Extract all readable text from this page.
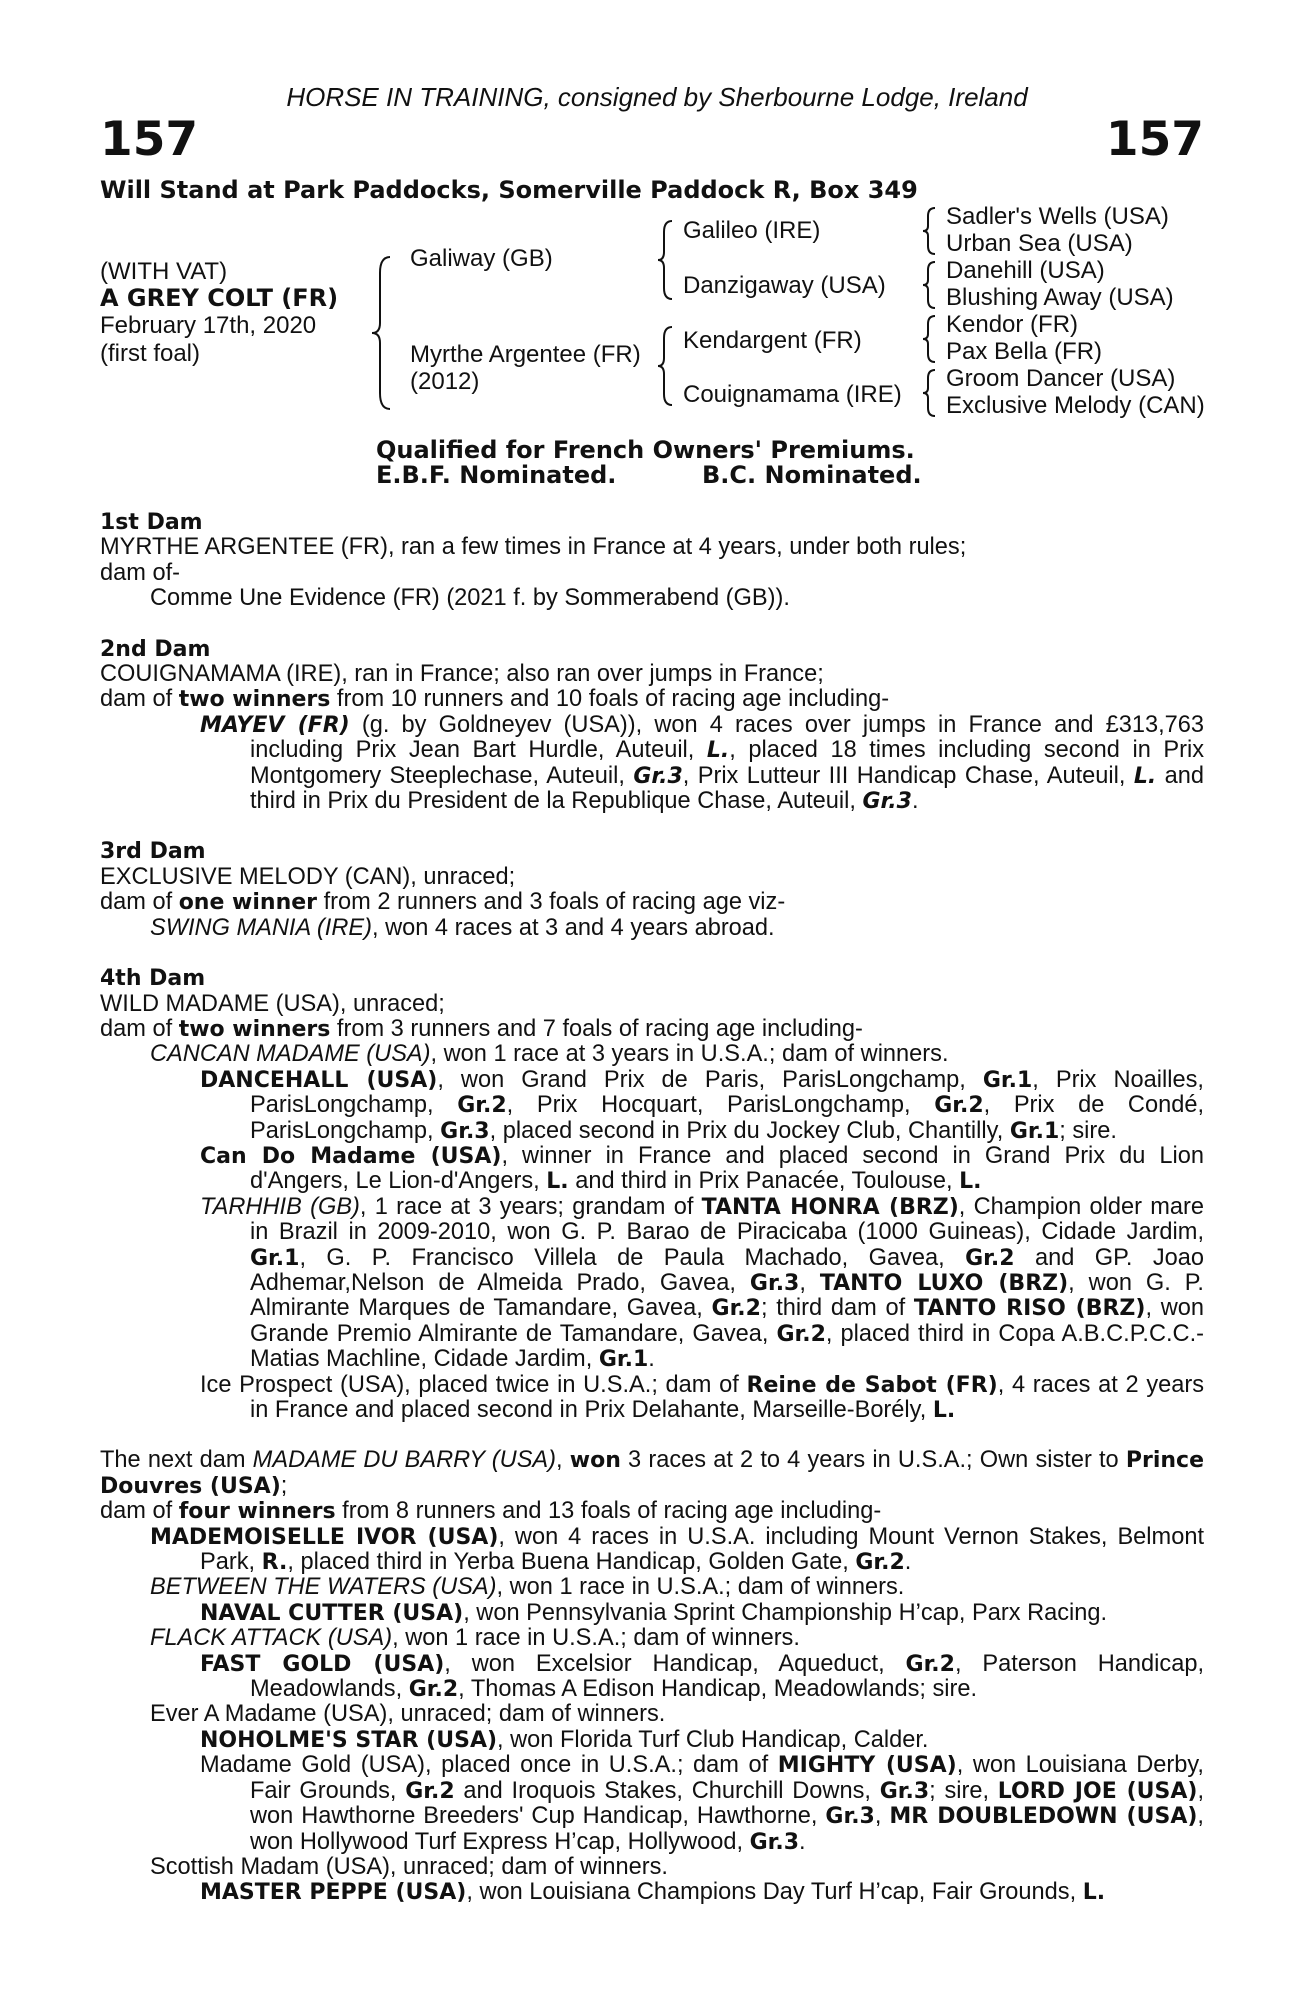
HORSE IN TRAINING, consigned by Sherbourne Lodge, Ireland
157	157
Will Stand at Park Paddocks, Somerville Paddock R, Box 349
(WITH VAT)
A GREY COLT (FR)
February 17th, 2020
(first foal)
Galiway (GB)
Myrthe Argentee (FR)
(2012)
Galileo (IRE)
Danzigaway (USA)
Kendargent (FR)
Couignamama (IRE)
Sadler's Wells (USA)
Urban Sea (USA)
Danehill (USA)
Blushing Away (USA)
Kendor (FR)
Pax Bella (FR)
Groom Dancer (USA)
Exclusive Melody (CAN)
Qualified for French Owners' Premiums.
E.B.F. Nominated.	B.C. Nominated.
1st Dam
MYRTHE ARGENTEE (FR), ran a few times in France at 4 years, under both rules;
dam of-
Comme Une Evidence (FR) (2021 f. by Sommerabend (GB)).
2nd Dam
COUIGNAMAMA (IRE), ran in France; also ran over jumps in France;
dam of two winners from 10 runners and 10 foals of racing age including-
MAYEV (FR) (g. by Goldneyev (USA)), won 4 races over jumps in France and £313,763 including Prix Jean Bart Hurdle, Auteuil, L., placed 18 times including second in Prix Montgomery Steeplechase, Auteuil, Gr.3, Prix Lutteur III Handicap Chase, Auteuil, L. and third in Prix du President de la Republique Chase, Auteuil, Gr.3.
3rd Dam
EXCLUSIVE MELODY (CAN), unraced;
dam of one winner from 2 runners and 3 foals of racing age viz-
SWING MANIA (IRE), won 4 races at 3 and 4 years abroad.
4th Dam
WILD MADAME (USA), unraced;
dam of two winners from 3 runners and 7 foals of racing age including-
CANCAN MADAME (USA), won 1 race at 3 years in U.S.A.; dam of winners.
DANCEHALL (USA), won Grand Prix de Paris, ParisLongchamp, Gr.1, Prix Noailles, ParisLongchamp, Gr.2, Prix Hocquart, ParisLongchamp, Gr.2, Prix de Condé, ParisLongchamp, Gr.3, placed second in Prix du Jockey Club, Chantilly, Gr.1; sire.
Can Do Madame (USA), winner in France and placed second in Grand Prix du Lion d'Angers, Le Lion-d'Angers, L. and third in Prix Panacée, Toulouse, L.
TARHHIB (GB), 1 race at 3 years; grandam of TANTA HONRA (BRZ), Champion older mare in Brazil in 2009-2010, won G. P. Barao de Piracicaba (1000 Guineas), Cidade Jardim, Gr.1, G. P. Francisco Villela de Paula Machado, Gavea, Gr.2 and GP. Joao Adhemar,Nelson de Almeida Prado, Gavea, Gr.3, TANTO LUXO (BRZ), won G. P. Almirante Marques de Tamandare, Gavea, Gr.2; third dam of TANTO RISO (BRZ), won Grande Premio Almirante de Tamandare, Gavea, Gr.2, placed third in Copa A.B.C.P.C.C.-Matias Machline, Cidade Jardim, Gr.1.
Ice Prospect (USA), placed twice in U.S.A.; dam of Reine de Sabot (FR), 4 races at 2 years in France and placed second in Prix Delahante, Marseille-Borély, L.
The next dam MADAME DU BARRY (USA), won 3 races at 2 to 4 years in U.S.A.; Own sister to Prince Douvres (USA);
dam of four winners from 8 runners and 13 foals of racing age including-
MADEMOISELLE IVOR (USA), won 4 races in U.S.A. including Mount Vernon Stakes, Belmont Park, R., placed third in Yerba Buena Handicap, Golden Gate, Gr.2.
BETWEEN THE WATERS (USA), won 1 race in U.S.A.; dam of winners.
NAVAL CUTTER (USA), won Pennsylvania Sprint Championship H’cap, Parx Racing.
FLACK ATTACK (USA), won 1 race in U.S.A.; dam of winners.
FAST GOLD (USA), won Excelsior Handicap, Aqueduct, Gr.2, Paterson Handicap, Meadowlands, Gr.2, Thomas A Edison Handicap, Meadowlands; sire.
Ever A Madame (USA), unraced; dam of winners.
NOHOLME'S STAR (USA), won Florida Turf Club Handicap, Calder.
Madame Gold (USA), placed once in U.S.A.; dam of MIGHTY (USA), won Louisiana Derby, Fair Grounds, Gr.2 and Iroquois Stakes, Churchill Downs, Gr.3; sire, LORD JOE (USA), won Hawthorne Breeders' Cup Handicap, Hawthorne, Gr.3, MR DOUBLEDOWN (USA), won Hollywood Turf Express H’cap, Hollywood, Gr.3.
Scottish Madam (USA), unraced; dam of winners.
MASTER PEPPE (USA), won Louisiana Champions Day Turf H’cap, Fair Grounds, L.
